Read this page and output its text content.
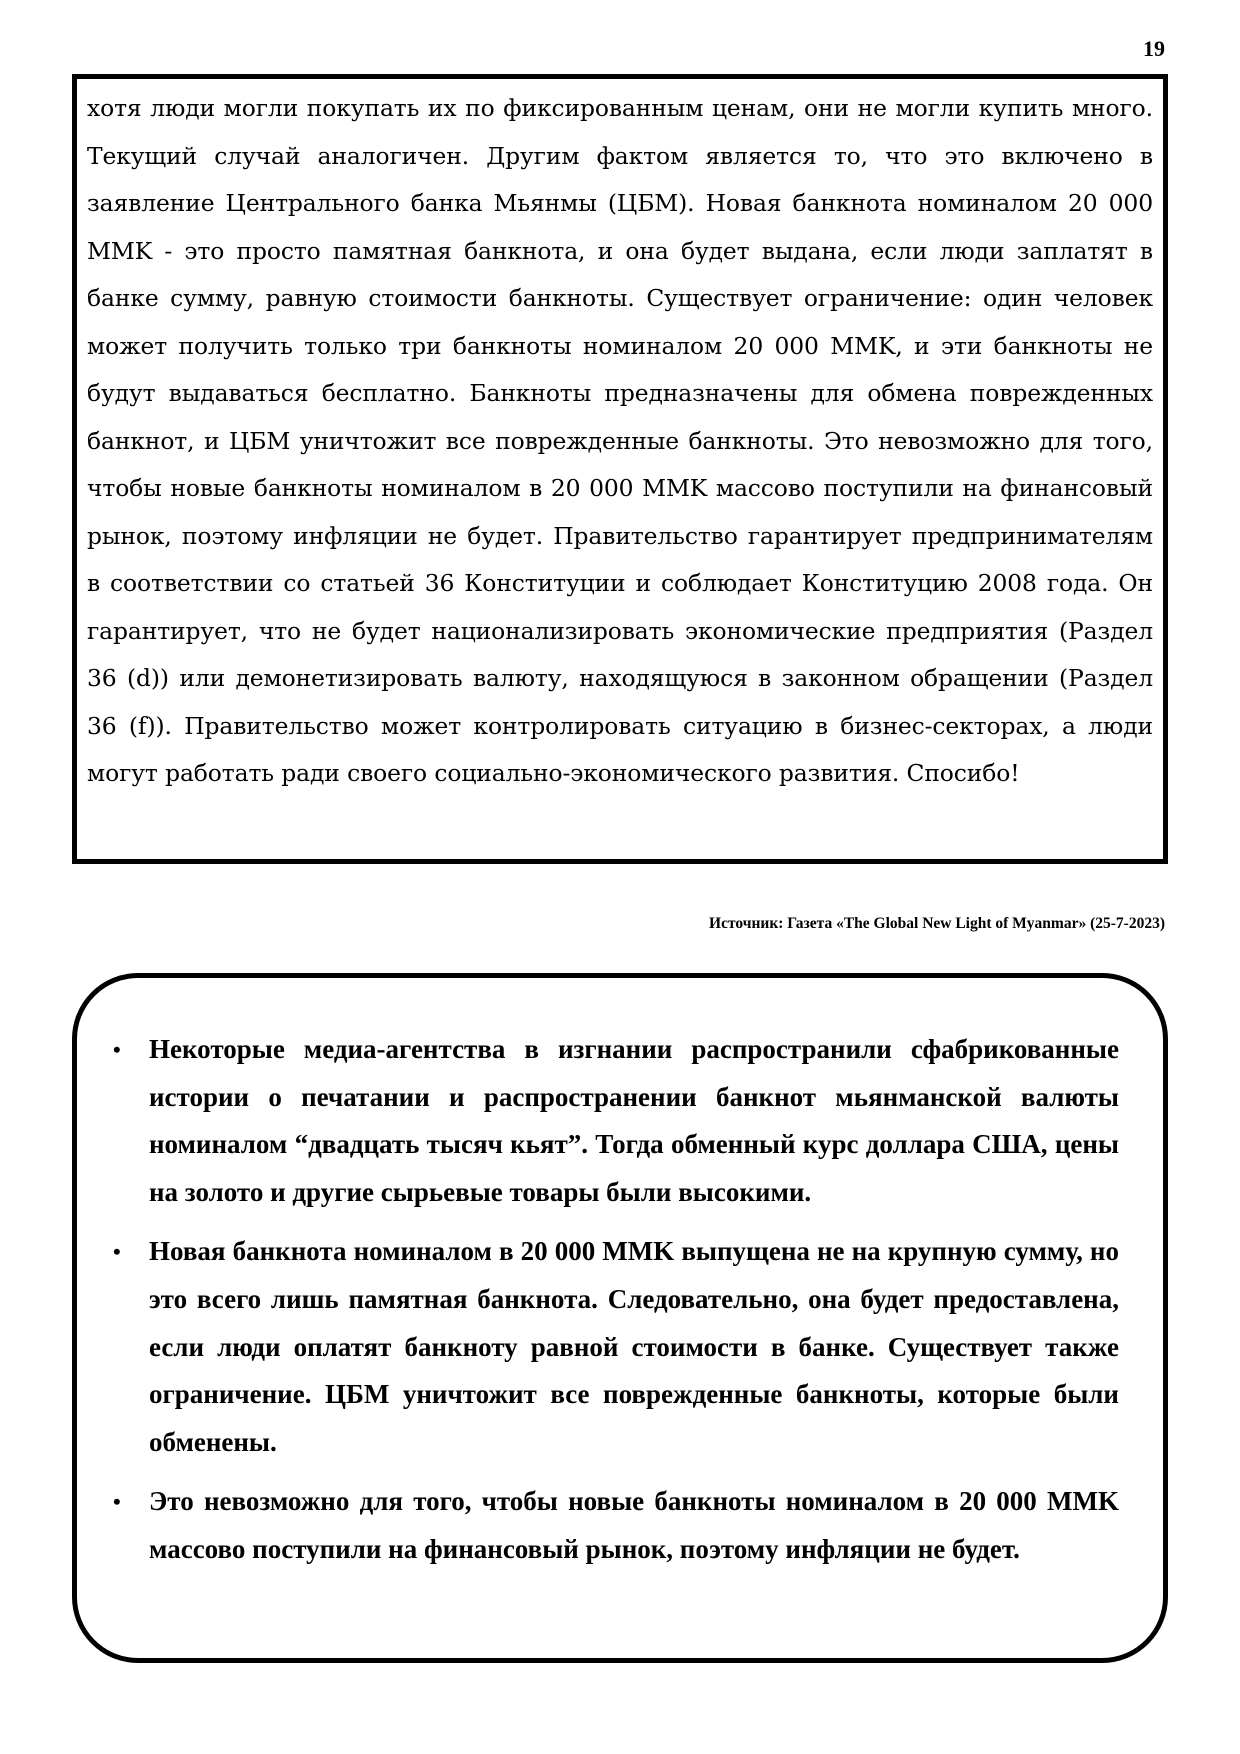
19

хотя люди могли покупать их по фиксированным ценам, они не могли купить много. Текущий случай аналогичен. Другим фактом является то, что это включено в заявление Центрального банка Мьянмы (ЦБМ). Новая банкнота номиналом 20 000 MMK - это просто памятная банкнота, и она будет выдана, если люди заплатят в банке сумму, равную стоимости банкноты. Существует ограничение: один человек может получить только три банкноты номиналом 20 000 MMK, и эти банкноты не будут выдаваться бесплатно. Банкноты предназначены для обмена поврежденных банкнот, и ЦБМ уничтожит все поврежденные банкноты. Это невозможно для того, чтобы новые банкноты номиналом в 20 000 MMK массово поступили на финансовый рынок, поэтому инфляции не будет. Правительство гарантирует предпринимателям в соответствии со статьей 36 Конституции и соблюдает Конституцию 2008 года. Он гарантирует, что не будет национализировать экономические предприятия (Раздел 36 (d)) или демонетизировать валюту, находящуюся в законном обращении (Раздел 36 (f)). Правительство может контролировать ситуацию в бизнес-секторах, а люди могут работать ради своего социально-экономического развития. Спосибо!

Источник: Газета «The Global New Light of Myanmar» (25-7-2023)
• Некоторые медиа-агентства в изгнании распространили сфабрикованные истории о печатании и распространении банкнот мьянманской валюты номиналом “двадцать тысяч кьят”. Тогда обменный курс доллара США, цены на золото и другие сырьевые товары были высокими.
• Новая банкнота номиналом в 20 000 MMK выпущена не на крупную сумму, но это всего лишь памятная банкнота. Следовательно, она будет предоставлена, если люди оплатят банкноту равной стоимости в банке. Существует также ограничение. ЦБМ уничтожит все поврежденные банкноты, которые были обменены.
• Это невозможно для того, чтобы новые банкноты номиналом в 20 000 MMK массово поступили на финансовый рынок, поэтому инфляции не будет.
